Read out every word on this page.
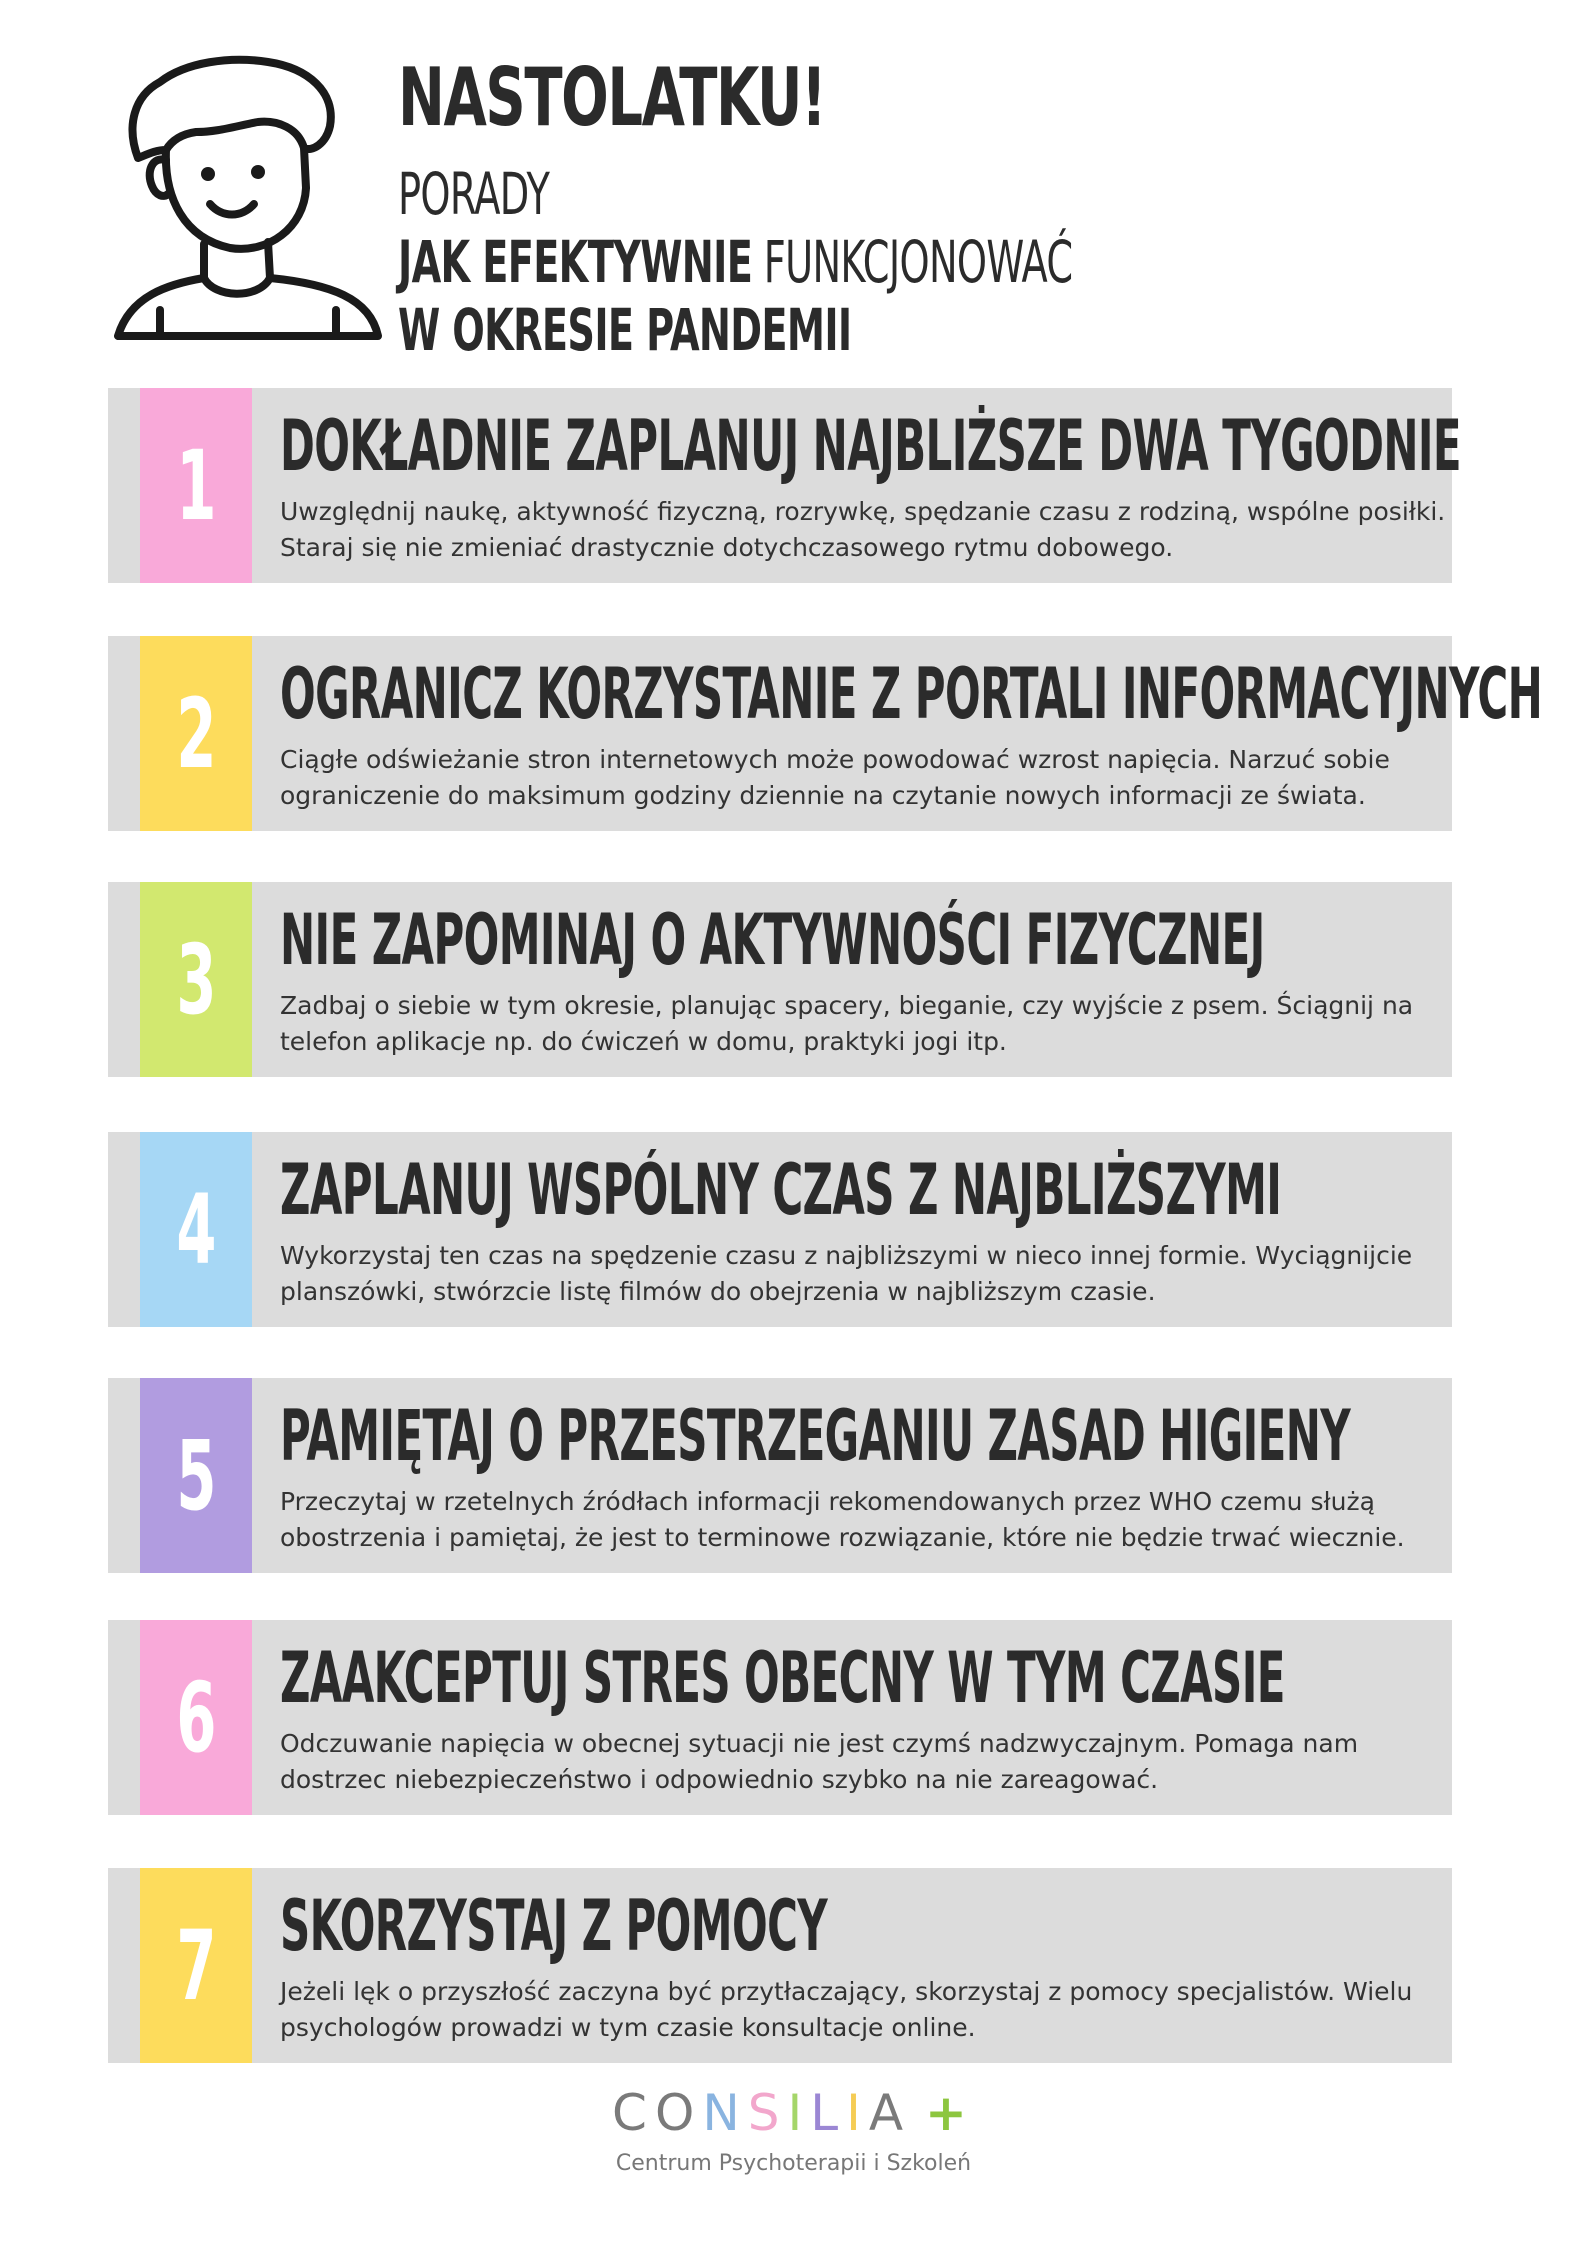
NASTOLATKU!
PORADY
JAK EFEKTYWNIE FUNKCJONOWAĆ
W OKRESIE PANDEMII
1 DOKŁADNIE ZAPLANUJ NAJBLIŻSZE DWA TYGODNIE

Uwzględnij naukę, aktywność fizyczną, rozrywkę, spędzanie czasu z rodziną, wspólne posiłki. Staraj się nie zmieniać drastycznie dotychczasowego rytmu dobowego.

2 OGRANICZ KORZYSTANIE Z PORTALI INFORMACYJNYCH

Ciągłe odświeżanie stron internetowych może powodować wzrost napięcia. Narzuć sobie ograniczenie do maksimum godziny dziennie na czytanie nowych informacji ze świata.

3 NIE ZAPOMINAJ O AKTYWNOŚCI FIZYCZNEJ

Zadbaj o siebie w tym okresie, planując spacery, bieganie, czy wyjście z psem. Ściągnij na telefon aplikacje np. do ćwiczeń w domu, praktyki jogi itp.

4 ZAPLANUJ WSPÓLNY CZAS Z NAJBLIŻSZYMI

Wykorzystaj ten czas na spędzenie czasu z najbliższymi w nieco innej formie. Wyciągnijcie planszówki, stwórzcie listę filmów do obejrzenia w najbliższym czasie.

5 PAMIĘTAJ O PRZESTRZEGANIU ZASAD HIGIENY

Przeczytaj w rzetelnych źródłach informacji rekomendowanych przez WHO czemu służą obostrzenia i pamiętaj, że jest to terminowe rozwiązanie, które nie będzie trwać wiecznie.

6 ZAAKCEPTUJ STRES OBECNY W TYM CZASIE

Odczuwanie napięcia w obecnej sytuacji nie jest czymś nadzwyczajnym. Pomaga nam dostrzec niebezpieczeństwo i odpowiednio szybko na nie zareagować.

7 SKORZYSTAJ Z POMOCY

Jeżeli lęk o przyszłość zaczyna być przytłaczający, skorzystaj z pomocy specjalistów. Wielu psychologów prowadzi w tym czasie konsultacje online.

CONSILIA +
Centrum Psychoterapii i Szkoleń
